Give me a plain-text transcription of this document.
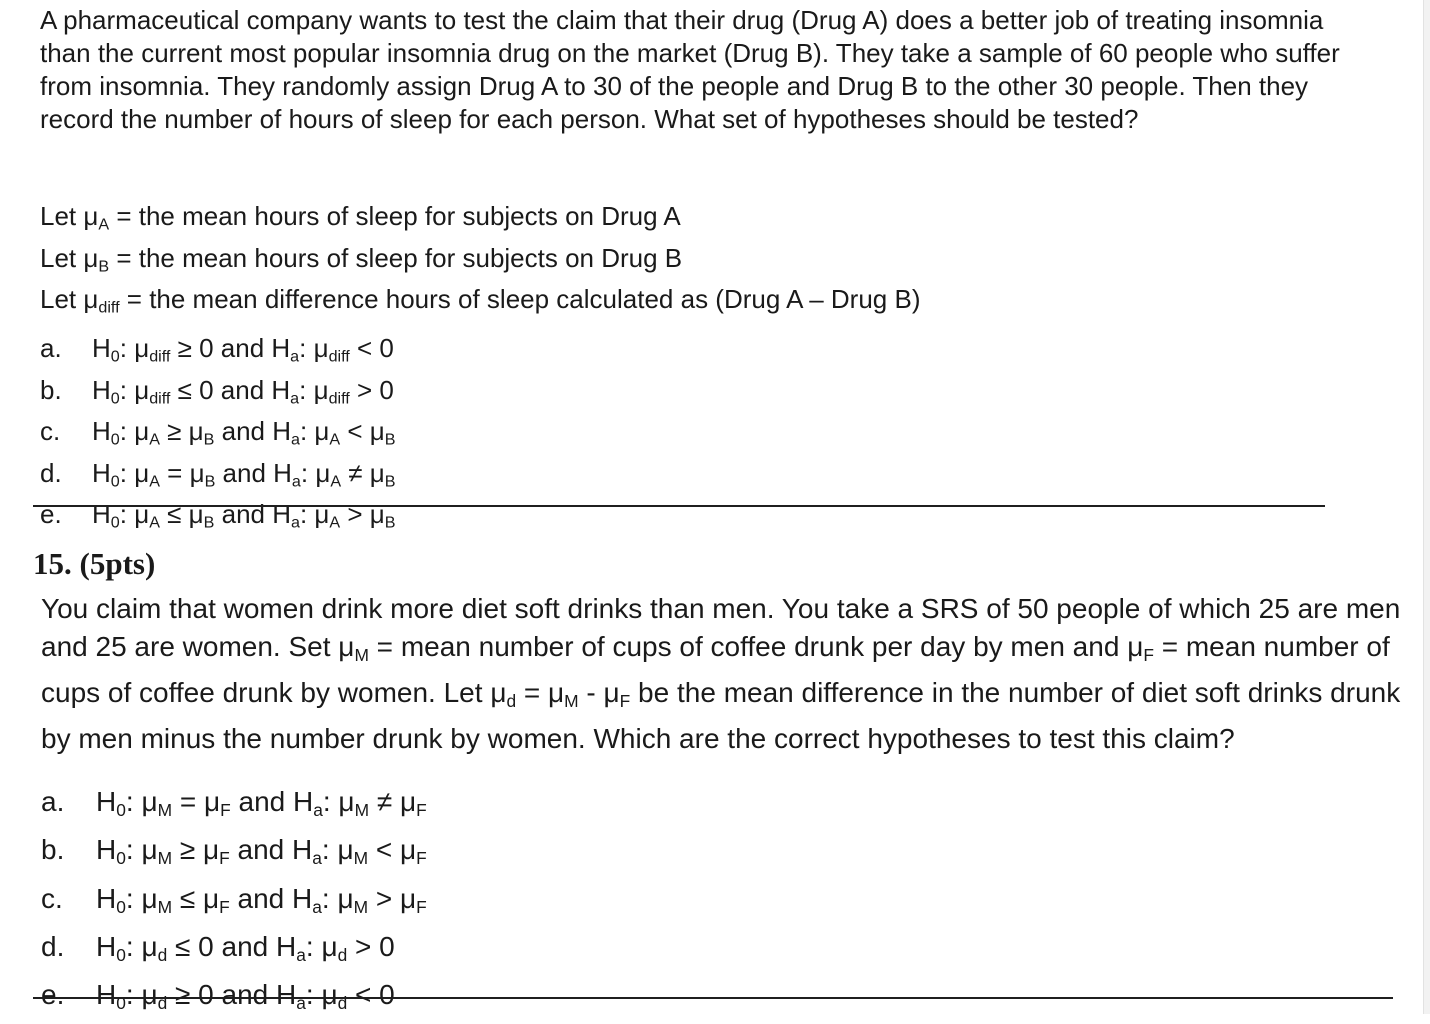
A pharmaceutical company wants to test the claim that their drug (Drug A) does a better job of treating insomnia than the current most popular insomnia drug on the market (Drug B). They take a sample of 60 people who suffer from insomnia. They randomly assign Drug A to 30 of the people and Drug B to the other 30 people. Then they record the number of hours of sleep for each person. What set of hypotheses should be tested?

Let $\mu_A$ = the mean hours of sleep for subjects on Drug A
Let $\mu_B$ = the mean hours of sleep for subjects on Drug B
Let $\mu_{diff}$ = the mean difference hours of sleep calculated as (Drug A – Drug B)
a.	$H_0$: $\mu_{diff} \ge 0$ and $H_a$: $\mu_{diff} < 0$
b.	$H_0$: $\mu_{diff} \le 0$ and $H_a$: $\mu_{diff} > 0$
c.	$H_0$: $\mu_A \ge \mu_B$ and $H_a$: $\mu_A < \mu_B$
d.	$H_0$: $\mu_A = \mu_B$ and $H_a$: $\mu_A \ne \mu_B$
e.	$H_0$: $\mu_A \le \mu_B$ and $H_a$: $\mu_A > \mu_B$
15. (5pts)

You claim that women drink more diet soft drinks than men. You take a SRS of 50 people of which 25 are men and 25 are women. Set $\mu_M$ = mean number of cups of coffee drunk per day by men and $\mu_F$ = mean number of cups of coffee drunk by women. Let $\mu_d = \mu_M - \mu_F$ be the mean difference in the number of diet soft drinks drunk by men minus the number drunk by women. Which are the correct hypotheses to test this claim?

a.	$H_0$: $\mu_M = \mu_F$ and $H_a$: $\mu_M \ne \mu_F$
b.	$H_0$: $\mu_M \ge \mu_F$ and $H_a$: $\mu_M < \mu_F$
c.	$H_0$: $\mu_M \le \mu_F$ and $H_a$: $\mu_M > \mu_F$
d.	$H_0$: $\mu_d \le 0$ and $H_a$: $\mu_d > 0$
e.	$H_0$: $\mu_d \ge 0$ and $H_a$: $\mu_d < 0$
